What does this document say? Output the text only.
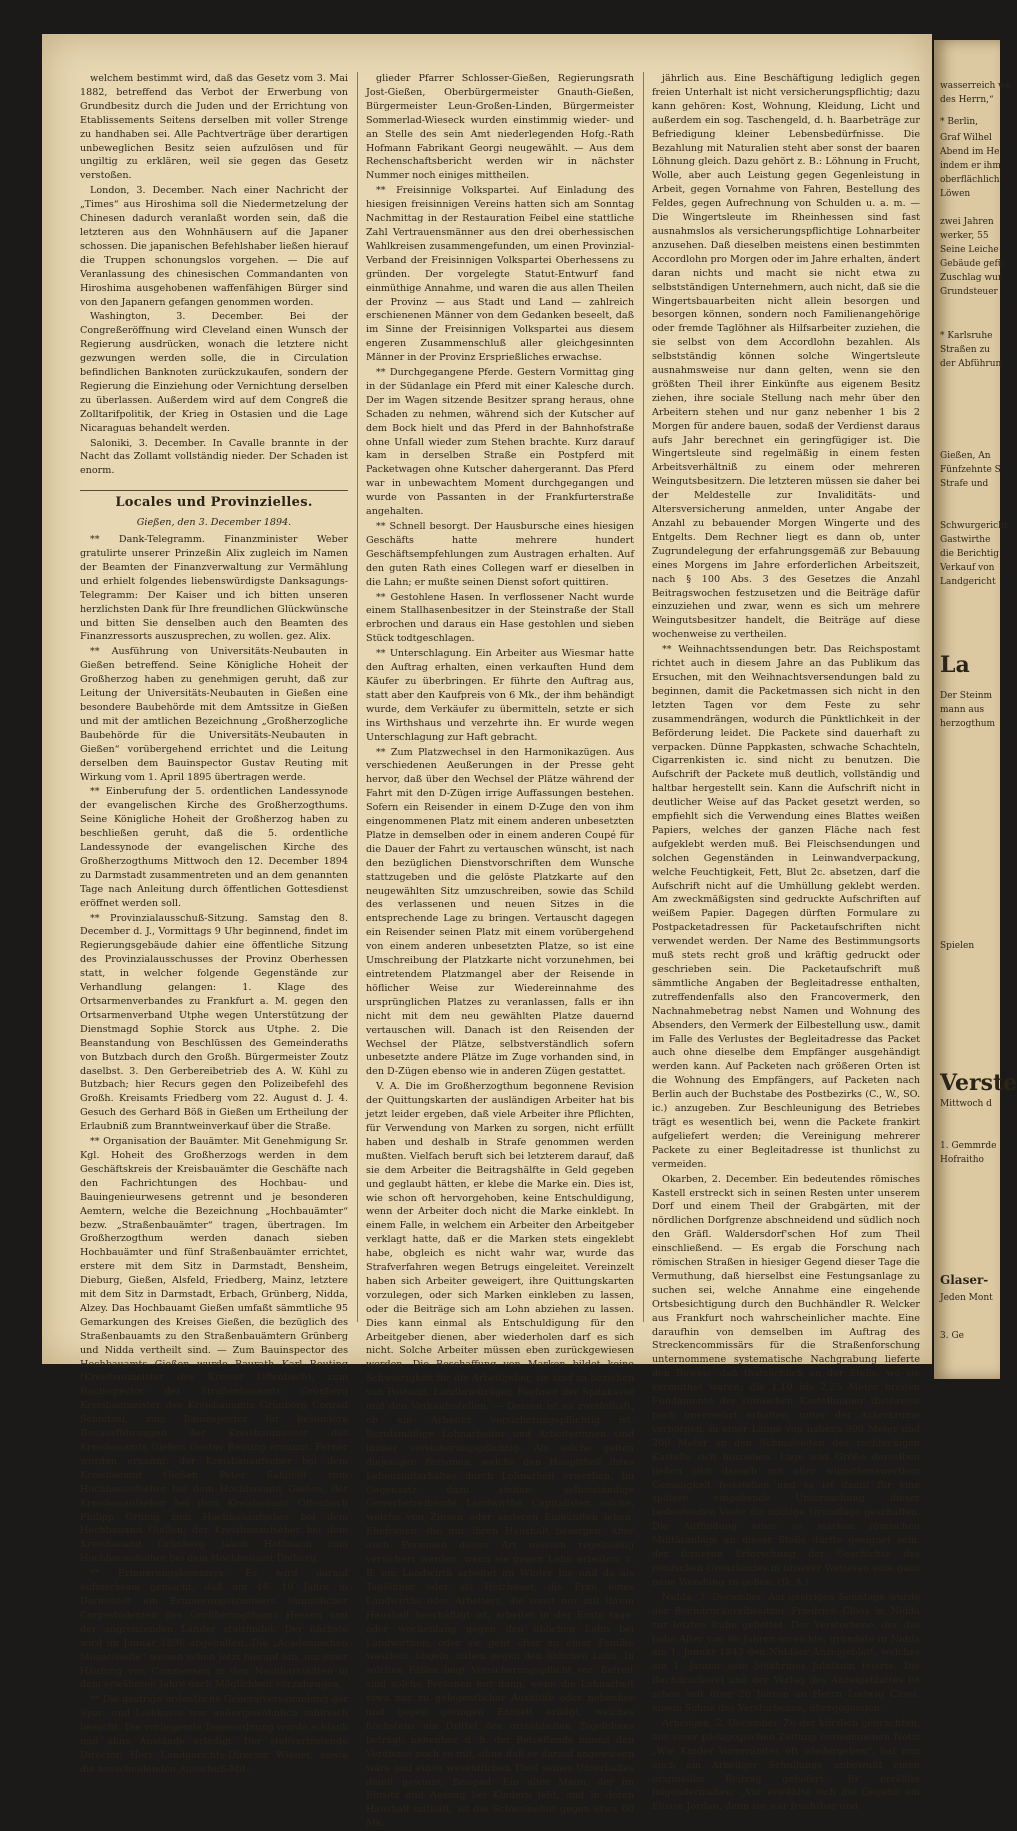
welchem bestimmt wird, daß das Gesetz vom 3. Mai 1882, betreffend das Verbot der Erwerbung von Grundbesitz durch die Juden und der Errichtung von Etablissements Seitens derselben mit voller Strenge zu handhaben sei. Alle Pachtverträge über derartigen unbeweglichen Besitz seien aufzulösen und für ungiltig zu erklären, weil sie gegen das Gesetz verstoßen.

London, 3. December. Nach einer Nachricht der „Times“ aus Hiroshima soll die Niedermetzelung der Chinesen dadurch veranlaßt worden sein, daß die letzteren aus den Wohnhäusern auf die Japaner schossen. Die japanischen Befehlshaber ließen hierauf die Truppen schonungslos vorgehen. — Die auf Veranlassung des chinesischen Commandanten von Hiroshima ausgehobenen waffenfähigen Bürger sind von den Japanern gefangen genommen worden.

Washington, 3. December. Bei der Congreßeröffnung wird Cleveland einen Wunsch der Regierung ausdrücken, wonach die letztere nicht gezwungen werden solle, die in Circulation befindlichen Banknoten zurückzukaufen, sondern der Regierung die Einziehung oder Vernichtung derselben zu überlassen. Außerdem wird auf dem Congreß die Zolltarifpolitik, der Krieg in Ostasien und die Lage Nicaraguas behandelt werden.

Saloniki, 3. December. In Cavalle brannte in der Nacht das Zollamt vollständig nieder. Der Schaden ist enorm.

Locales und Provinzielles.

Gießen, den 3. December 1894.

** Dank-Telegramm. Finanzminister Weber gratulirte unserer Prinzeßin Alix zugleich im Namen der Beamten der Finanzverwaltung zur Vermählung und erhielt folgendes liebenswürdigste Danksagungs-Telegramm: Der Kaiser und ich bitten unseren herzlichsten Dank für Ihre freundlichen Glückwünsche und bitten Sie denselben auch den Beamten des Finanzressorts auszusprechen, zu wollen. gez. Alix.

** Ausführung von Universitäts-Neubauten in Gießen betreffend. Seine Königliche Hoheit der Großherzog haben zu genehmigen geruht, daß zur Leitung der Universitäts-Neubauten in Gießen eine besondere Baubehörde mit dem Amtssitze in Gießen und mit der amtlichen Bezeichnung „Großherzogliche Baubehörde für die Universitäts-Neubauten in Gießen“ vorübergehend errichtet und die Leitung derselben dem Bauinspector Gustav Reuting mit Wirkung vom 1. April 1895 übertragen werde.

** Einberufung der 5. ordentlichen Landessynode der evangelischen Kirche des Großherzogthums. Seine Königliche Hoheit der Großherzog haben zu beschließen geruht, daß die 5. ordentliche Landessynode der evangelischen Kirche des Großherzogthums Mittwoch den 12. December 1894 zu Darmstadt zusammentreten und an dem genannten Tage nach Anleitung durch öffentlichen Gottesdienst eröffnet werden soll.

** Provinzialausschuß-Sitzung. Samstag den 8. December d. J., Vormittags 9 Uhr beginnend, findet im Regierungsgebäude dahier eine öffentliche Sitzung des Provinzialausschusses der Provinz Oberhessen statt, in welcher folgende Gegenstände zur Verhandlung gelangen: 1. Klage des Ortsarmenverbandes zu Frankfurt a. M. gegen den Ortsarmenverband Utphe wegen Unterstützung der Dienstmagd Sophie Storck aus Utphe. 2. Die Beanstandung von Beschlüssen des Gemeinderaths von Butzbach durch den Großh. Bürgermeister Zoutz daselbst. 3. Den Gerbereibetrieb des A. W. Kühl zu Butzbach; hier Recurs gegen den Polizeibefehl des Großh. Kreisamts Friedberg vom 22. August d. J. 4. Gesuch des Gerhard Böß in Gießen um Ertheilung der Erlaubniß zum Branntweinverkauf über die Straße.

** Organisation der Bauämter. Mit Genehmigung Sr. Kgl. Hoheit des Großherzogs werden in dem Geschäftskreis der Kreisbauämter die Geschäfte nach den Fachrichtungen des Hochbau- und Bauingenieurwesens getrennt und je besonderen Aemtern, welche die Bezeichnung „Hochbauämter“ bezw. „Straßenbauämter“ tragen, übertragen. Im Großherzogthum werden danach sieben Hochbauämter und fünf Straßenbauämter errichtet, erstere mit dem Sitz in Darmstadt, Bensheim, Dieburg, Gießen, Alsfeld, Friedberg, Mainz, letztere mit dem Sitz in Darmstadt, Erbach, Grünberg, Nidda, Alzey. Das Hochbauamt Gießen umfaßt sämmtliche 95 Gemarkungen des Kreises Gießen, die bezüglich des Straßenbauamts zu den Straßenbauämtern Grünberg und Nidda vertheilt sind. — Zum Bauinspector des Hochbauamts Gießen wurde Baurath Karl Reuting (Kreisbaumeister des Kreises Offenbach), zum Bauinspector des Straßenbauamts Grünberg Kreisbaumeister des Kreisbauamts Grünberg Conrad Schnitzel, zum Bauinspector für besondere Bauausführungen der Kreisbaumeister des Kreisbauamts Gießen Gustav Reuting ernannt. Ferner wurden ernannt: der Kreisbauaufseher bei dem Kreisbauamt Gießen Peter Sahlfeld zum Hochbauaufseher bei dem Hochbauamt Gießen, der Kreisbauaufseher bei dem Kreisbauamt Offenbach Philipp Grünig zum Hochbauaufseher bei dem Hochbauamt Gießen, der Kreisbauaufseher bei dem Kreisbauamt Grünberg Jakob Hoffmann zum Hochbauaufseher bei dem Hochbauamt Dieburg.

** Erinnerungskommers. Es wird darauf aufmerksam gemacht, daß am 16. 10 Jahre in Darmstadt ein Erinnerungskommers sämmtlicher Corpsstudenten des Großherzogthums Hessen und der angrenzenden Länder stattfindet. Der nächste wird im Januar 1896 abgehalten. Die „Academischen Monatshefte“ weisen schon jetzt hierauf hin, um einer Häufung von Commersen in den Nachbarstädten in dem erwähnten Jahre nach Möglichkeit vorzubeugen.

** Die gestrige ordentliche Generalversammlung der Spar- und Leihkasse war außergewöhnlich zahlreich besucht. Die vorliegende Tagesordnung wurde schlank und ohne Anstände erledigt. Der stellvertretende Director, Herr Landgerichts-Director Wiener, sowie die ausscheidenden Ausschuß-Mit-

glieder Pfarrer Schlosser-Gießen, Regierungsrath Jost-Gießen, Oberbürgermeister Gnauth-Gießen, Bürgermeister Leun-Großen-Linden, Bürgermeister Sommerlad-Wieseck wurden einstimmig wieder- und an Stelle des sein Amt niederlegenden Hofg.-Rath Hofmann Fabrikant Georgi neugewählt. — Aus dem Rechenschaftsbericht werden wir in nächster Nummer noch einiges mittheilen.

** Freisinnige Volkspartei. Auf Einladung des hiesigen freisinnigen Vereins hatten sich am Sonntag Nachmittag in der Restauration Feibel eine stattliche Zahl Vertrauensmänner aus den drei oberhessischen Wahlkreisen zusammengefunden, um einen Provinzial-Verband der Freisinnigen Volkspartei Oberhessens zu gründen. Der vorgelegte Statut-Entwurf fand einmüthige Annahme, und waren die aus allen Theilen der Provinz — aus Stadt und Land — zahlreich erschienenen Männer von dem Gedanken beseelt, daß im Sinne der Freisinnigen Volkspartei aus diesem engeren Zusammenschluß aller gleichgesinnten Männer in der Provinz Ersprießliches erwachse.

** Durchgegangene Pferde. Gestern Vormittag ging in der Südanlage ein Pferd mit einer Kalesche durch. Der im Wagen sitzende Besitzer sprang heraus, ohne Schaden zu nehmen, während sich der Kutscher auf dem Bock hielt und das Pferd in der Bahnhofstraße ohne Unfall wieder zum Stehen brachte. Kurz darauf kam in derselben Straße ein Postpferd mit Packetwagen ohne Kutscher dahergerannt. Das Pferd war in unbewachtem Moment durchgegangen und wurde von Passanten in der Frankfurterstraße angehalten.

** Schnell besorgt. Der Hausbursche eines hiesigen Geschäfts hatte mehrere hundert Geschäftsempfehlungen zum Austragen erhalten. Auf den guten Rath eines Collegen warf er dieselben in die Lahn; er mußte seinen Dienst sofort quittiren.

** Gestohlene Hasen. In verflossener Nacht wurde einem Stallhasenbesitzer in der Steinstraße der Stall erbrochen und daraus ein Hase gestohlen und sieben Stück todtgeschlagen.

** Unterschlagung. Ein Arbeiter aus Wiesmar hatte den Auftrag erhalten, einen verkauften Hund dem Käufer zu überbringen. Er führte den Auftrag aus, statt aber den Kaufpreis von 6 Mk., der ihm behändigt wurde, dem Verkäufer zu übermitteln, setzte er sich ins Wirthshaus und verzehrte ihn. Er wurde wegen Unterschlagung zur Haft gebracht.

** Zum Platzwechsel in den Harmonikazügen. Aus verschiedenen Aeußerungen in der Presse geht hervor, daß über den Wechsel der Plätze während der Fahrt mit den D-Zügen irrige Auffassungen bestehen. Sofern ein Reisender in einem D-Zuge den von ihm eingenommenen Platz mit einem anderen unbesetzten Platze in demselben oder in einem anderen Coupé für die Dauer der Fahrt zu vertauschen wünscht, ist nach den bezüglichen Dienstvorschriften dem Wunsche stattzugeben und die gelöste Platzkarte auf den neugewählten Sitz umzuschreiben, sowie das Schild des verlassenen und neuen Sitzes in die entsprechende Lage zu bringen. Vertauscht dagegen ein Reisender seinen Platz mit einem vorübergehend von einem anderen unbesetzten Platze, so ist eine Umschreibung der Platzkarte nicht vorzunehmen, bei eintretendem Platzmangel aber der Reisende in höflicher Weise zur Wiedereinnahme des ursprünglichen Platzes zu veranlassen, falls er ihn nicht mit dem neu gewählten Platze dauernd vertauschen will. Danach ist den Reisenden der Wechsel der Plätze, selbstverständlich sofern unbesetzte andere Plätze im Zuge vorhanden sind, in den D-Zügen ebenso wie in anderen Zügen gestattet.

V. A. Die im Großherzogthum begonnene Revision der Quittungskarten der ausländigen Arbeiter hat bis jetzt leider ergeben, daß viele Arbeiter ihre Pflichten, für Verwendung von Marken zu sorgen, nicht erfüllt haben und deshalb in Strafe genommen werden mußten. Vielfach beruft sich bei letzterem darauf, daß sie dem Arbeiter die Beitragshälfte in Geld gegeben und geglaubt hätten, er klebe die Marke ein. Dies ist, wie schon oft hervorgehoben, keine Entschuldigung, wenn der Arbeiter doch nicht die Marke einklebt. In einem Falle, in welchem ein Arbeiter den Arbeitgeber verklagt hatte, daß er die Marken stets eingeklebt habe, obgleich es nicht wahr war, wurde das Strafverfahren wegen Betrugs eingeleitet. Vereinzelt haben sich Arbeiter geweigert, ihre Quittungskarten vorzulegen, oder sich Marken einkleben zu lassen, oder die Beiträge sich am Lohn abziehen zu lassen. Dies kann einmal als Entschuldigung für den Arbeitgeber dienen, aber wiederholen darf es sich nicht. Solche Arbeiter müssen eben zurückgewiesen werden. Die Beschaffung von Marken bildet keine Schwierigkeit für die Arbeitgeber, sie sind zu beziehen von Postamt, Landbriefträger, Rechner der Spitzkasse und den Verkaufsstellen. — Dessen ist es zweifelhaft, ob ein Arbeiter versicherungspflichtig ist. Berufsmäßige Lohnarbeiter und Arbeiterinnen sind immer versicherungspflichtig. Als solche gelten diejenigen Personen, welche den Haupttheil ihres Lebensunterhaltes durch Lohnarbeit erwerben. Im Gegensatz dazu stehen: selbstständige Gewerbetreibende, Landwirthe, Capitalisten, solche, welche von Zinsen oder anderen Einkünften leben, Ehefrauen, die nur ihren Haushalt besorgen. Aber auch Personen dieser Art müssen regelmäßig versichert werden, wenn sie gegen Lohn arbeiten; z. B. ein Landwirth arbeitet im Winter hie und da als Taglöhner oder als Holzhauer, die Frau eines Landwirths oder Arbeiters, die sonst nur mit ihrem Haushalt beschäftigt ist, arbeitet in der Ernte tage- oder wochenlang gegen den üblichen Lohn bei Landwirthen, oder sie geht öfter zu einer Familie waschen, bügeln, nähen gegen den üblichen Lohn. In solchen Fällen liegt Versicherungspflicht vor. Befreit sind solche Personen nur dann, wenn die Lohnarbeit etwa nur zu gelegentlicher Aushülfe oder nebenher und gegen geringen Entgelt erfolgt, welches höchstens ein Drittel des ortsüblichen Tagelohnes beträgt; nebenher, d. h. der Betreffende nimmt den Verdienst noch so mit, ohne daß er darauf angewiesen wäre und einen wesentlichen Theil seines Unterhaltes damit gewinnt. Beispiel: Ein alter Mann, der im Einsitz und Auszug bei Kindern lebt, und in deren Haushalt mithilft, ist die Schwelnehut gegen etwa 60 Mk.

jährlich aus. Eine Beschäftigung lediglich gegen freien Unterhalt ist nicht versicherungspflichtig; dazu kann gehören: Kost, Wohnung, Kleidung, Licht und außerdem ein sog. Taschengeld, d. h. Baarbeträge zur Befriedigung kleiner Lebensbedürfnisse. Die Bezahlung mit Naturalien steht aber sonst der baaren Löhnung gleich. Dazu gehört z. B.: Löhnung in Frucht, Wolle, aber auch Leistung gegen Gegenleistung in Arbeit, gegen Vornahme von Fahren, Bestellung des Feldes, gegen Aufrechnung von Schulden u. a. m. — Die Wingertsleute im Rheinhessen sind fast ausnahmslos als versicherungspflichtige Lohnarbeiter anzusehen. Daß dieselben meistens einen bestimmten Accordlohn pro Morgen oder im Jahre erhalten, ändert daran nichts und macht sie nicht etwa zu selbstständigen Unternehmern, auch nicht, daß sie die Wingertsbauarbeiten nicht allein besorgen und besorgen können, sondern noch Familienangehörige oder fremde Taglöhner als Hilfsarbeiter zuziehen, die sie selbst von dem Accordlohn bezahlen. Als selbstständig können solche Wingertsleute ausnahmsweise nur dann gelten, wenn sie den größten Theil ihrer Einkünfte aus eigenem Besitz ziehen, ihre sociale Stellung nach mehr über den Arbeitern stehen und nur ganz nebenher 1 bis 2 Morgen für andere bauen, sodaß der Verdienst daraus aufs Jahr berechnet ein geringfügiger ist. Die Wingertsleute sind regelmäßig in einem festen Arbeitsverhältniß zu einem oder mehreren Weingutsbesitzern. Die letzteren müssen sie daher bei der Meldestelle zur Invaliditäts- und Altersversicherung anmelden, unter Angabe der Anzahl zu bebauender Morgen Wingerte und des Entgelts. Dem Rechner liegt es dann ob, unter Zugrundelegung der erfahrungsgemäß zur Bebauung eines Morgens im Jahre erforderlichen Arbeitszeit, nach § 100 Abs. 3 des Gesetzes die Anzahl Beitragswochen festzusetzen und die Beiträge dafür einzuziehen und zwar, wenn es sich um mehrere Weingutsbesitzer handelt, die Beiträge auf diese wochenweise zu vertheilen.

** Weihnachtssendungen betr. Das Reichspostamt richtet auch in diesem Jahre an das Publikum das Ersuchen, mit den Weihnachtsversendungen bald zu beginnen, damit die Packetmassen sich nicht in den letzten Tagen vor dem Feste zu sehr zusammendrängen, wodurch die Pünktlichkeit in der Beförderung leidet. Die Packete sind dauerhaft zu verpacken. Dünne Pappkasten, schwache Schachteln, Cigarrenkisten ic. sind nicht zu benutzen. Die Aufschrift der Packete muß deutlich, vollständig und haltbar hergestellt sein. Kann die Aufschrift nicht in deutlicher Weise auf das Packet gesetzt werden, so empfiehlt sich die Verwendung eines Blattes weißen Papiers, welches der ganzen Fläche nach fest aufgeklebt werden muß. Bei Fleischsendungen und solchen Gegenständen in Leinwandverpackung, welche Feuchtigkeit, Fett, Blut 2c. absetzen, darf die Aufschrift nicht auf die Umhüllung geklebt werden. Am zweckmäßigsten sind gedruckte Aufschriften auf weißem Papier. Dagegen dürften Formulare zu Postpacketadressen für Packetaufschriften nicht verwendet werden. Der Name des Bestimmungsorts muß stets recht groß und kräftig gedruckt oder geschrieben sein. Die Packetaufschrift muß sämmtliche Angaben der Begleitadresse enthalten, zutreffendenfalls also den Francovermerk, den Nachnahmebetrag nebst Namen und Wohnung des Absenders, den Vermerk der Eilbestellung usw., damit im Falle des Verlustes der Begleitadresse das Packet auch ohne dieselbe dem Empfänger ausgehändigt werden kann. Auf Packeten nach größeren Orten ist die Wohnung des Empfängers, auf Packeten nach Berlin auch der Buchstabe des Postbezirks (C., W., SO. ic.) anzugeben. Zur Beschleunigung des Betriebes trägt es wesentlich bei, wenn die Packete frankirt aufgeliefert werden; die Vereinigung mehrerer Packete zu einer Begleitadresse ist thunlichst zu vermeiden.

Okarben, 2. December. Ein bedeutendes römisches Kastell erstreckt sich in seinen Resten unter unserem Dorf und einem Theil der Grabgärten, mit der nördlichen Dorfgrenze abschneidend und südlich noch den Gräfl. Waldersdorf'schen Hof zum Theil einschließend. — Es ergab die Forschung nach römischen Straßen in hiesiger Gegend dieser Tage die Vermuthung, daß hierselbst eine Festungsanlage zu suchen sei, welche Annahme eine eingehende Ortsbesichtigung durch den Buchhändler R. Welcker aus Frankfurt noch wahrscheinlicher machte. Eine daraufhin von demselben im Auftrag des Streckencommissärs für die Straßenforschung unternommene systematische Nachgrabung lieferte den Beweis, daß thatsächlich an der Stelle, wo sie vermuthet waren, die 1,10 bis 2,25 Meter breiten Fundamente der römischen Kastellmauer theilweise noch unversehrt erhalten, unter der Ackerkrume verborgen, in einer Länge von nahezu 300 Meter und 200 Meter an den Schmalseiten des rechteckigen Kastells sich hinziehen. Lage und Größe derselben ließen sich danach mit aller wünschenswerthen Genauigkeit feststellen und es ist damit für eine spätere eingehende Untersuchung dieser bedeutenden Veste die nöthige Grundlage geschaffen. Die Auffindung einer so starken römischen Militäranlage an dieser Stelle dürfte geeignet sein, der ferneren Erforschung der Geschichte des römischen Grenzlandes in unserer Wetterau eine ganz neue Wendung zu geben. (D. A.)

Nidda, 3. December. Am gestrigen Sonntage wurde der Buchdruckereibesitzer Friedrich Cloos in Nidda zur letzten Ruhe gebettet. Der Verstorbene, der das hohe Alter von 86 Jahren erreichte, gründete in Nidda am 1. Januar 1843 den Niddaer Anzeigeblatt, welches am 1. Januar sein 50jähriges Jubiläum feierte. Die Buchdruckerei und der Verlag des Anzeigeblattes ist schon seit über 20 Jahren an Herrn Ludwig Cloos, einem Sohne des Verstorbenen, übergegangen.

Arheilgen, 2. December. Zu der kürzlich gebrachten, aus einer pädagogischen Zeitung entnommenen Notiz „Wie Kinder Vorerzähltes oft wiedergeben“, hat nun auch ein Arheilger Schuljunge unbewußt einen originellen Beitrag geliefert. Er erzählte folgendermaßen: „Vor erwählte sich die Gegend am Flusse Jordan, denn sie war fruchtbar und

wasserreich we
des Herrn,“
* Berlin,
Graf Wilhel
Abend im He
indem er ihm
oberflächlich
Löwen
zwei Jahren
werker, 55
Seine Leiche
Gebäude gefü
Zuschlag wur
Grundsteuer
* Karlsruhe
Straßen zu
der Abführun
Gießen, An
Fünfzehnte S
Strafe und
Schwurgericht
Gastwirthe
die Berichtig
Verkauf von
Landgericht
La
Der Steinm
mann aus
herzogthum
Spielen
Mittwoch d
1. Gemmrde
Hofraitho
Verste
Glaser-
Jeden Mont
3. Ge
